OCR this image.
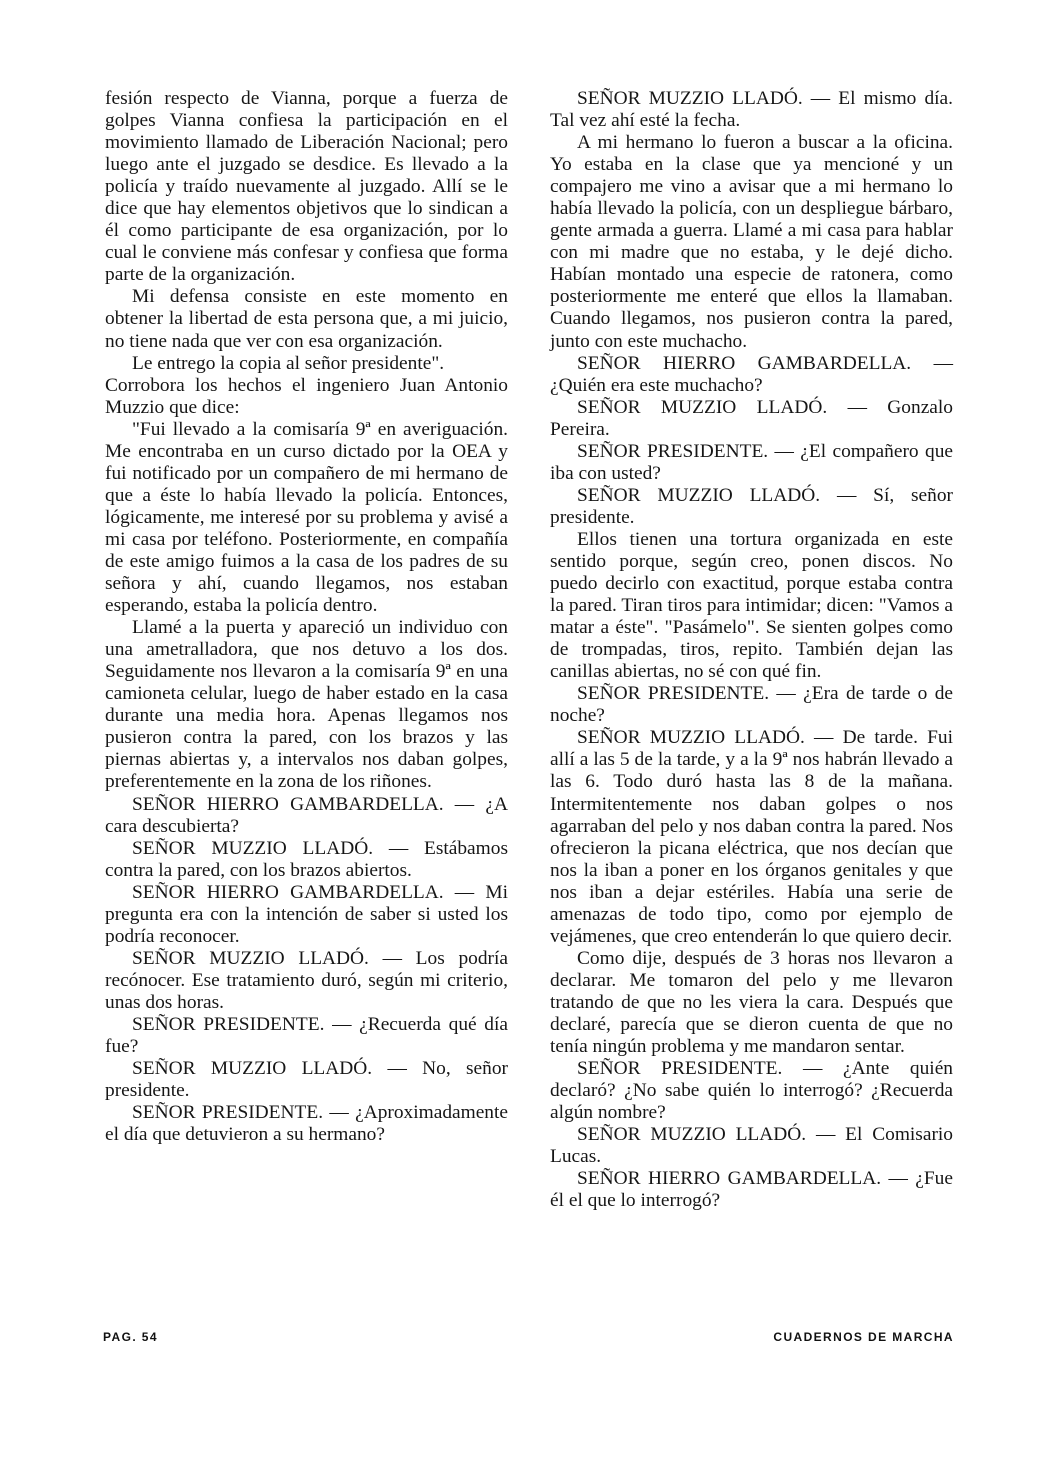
fesión respecto de Vianna, porque a fuerza de golpes Vianna confiesa la participación en el movimiento llamado de Liberación Nacional; pero luego ante el juzgado se desdice. Es llevado a la policía y traído nuevamente al juzgado. Allí se le dice que hay elementos objetivos que lo sindican a él como participante de esa organización, por lo cual le conviene más confesar y confiesa que forma parte de la organización.

Mi defensa consiste en este momento en obtener la libertad de esta persona que, a mi juicio, no tiene nada que ver con esa organización.

Le entrego la copia al señor presidente".

Corrobora los hechos el ingeniero Juan Antonio Muzzio que dice:

"Fui llevado a la comisaría 9ª en averiguación. Me encontraba en un curso dictado por la OEA y fui notificado por un compañero de mi hermano de que a éste lo había llevado la policía. Entonces, lógicamente, me interesé por su problema y avisé a mi casa por teléfono. Posteriormente, en compañía de este amigo fuimos a la casa de los padres de su señora y ahí, cuando llegamos, nos estaban esperando, estaba la policía dentro.

Llamé a la puerta y apareció un individuo con una ametralladora, que nos detuvo a los dos. Seguidamente nos llevaron a la comisaría 9ª en una camioneta celular, luego de haber estado en la casa durante una media hora. Apenas llegamos nos pusieron contra la pared, con los brazos y las piernas abiertas y, a intervalos nos daban golpes, preferentemente en la zona de los riñones.

SEÑOR HIERRO GAMBARDELLA. — ¿A cara descubierta?

SEÑOR MUZZIO LLADÓ. — Estábamos contra la pared, con los brazos abiertos.

SEÑOR HIERRO GAMBARDELLA. — Mi pregunta era con la intención de saber si usted los podría reconocer.

SEÑOR MUZZIO LLADÓ. — Los podría recónocer. Ese tratamiento duró, según mi criterio, unas dos horas.

SEÑOR PRESIDENTE. — ¿Recuerda qué día fue?

SEÑOR MUZZIO LLADÓ. — No, señor presidente.

SEÑOR PRESIDENTE. — ¿Aproximadamente el día que detuvieron a su hermano?

SEÑOR MUZZIO LLADÓ. — El mismo día. Tal vez ahí esté la fecha.

A mi hermano lo fueron a buscar a la oficina. Yo estaba en la clase que ya mencioné y un compajero me vino a avisar que a mi hermano lo había llevado la policía, con un despliegue bárbaro, gente armada a guerra. Llamé a mi casa para hablar con mi madre que no estaba, y le dejé dicho. Habían montado una especie de ratonera, como posteriormente me enteré que ellos la llamaban. Cuando llegamos, nos pusieron contra la pared, junto con este muchacho.

SEÑOR HIERRO GAMBARDELLA. — ¿Quién era este muchacho?

SEÑOR MUZZIO LLADÓ. — Gonzalo Pereira.

SEÑOR PRESIDENTE. — ¿El compañero que iba con usted?

SEÑOR MUZZIO LLADÓ. — Sí, señor presidente.

Ellos tienen una tortura organizada en este sentido porque, según creo, ponen discos. No puedo decirlo con exactitud, porque estaba contra la pared. Tiran tiros para intimidar; dicen: "Vamos a matar a éste". "Pasámelo". Se sienten golpes como de trompadas, tiros, repito. También dejan las canillas abiertas, no sé con qué fin.

SEÑOR PRESIDENTE. — ¿Era de tarde o de noche?

SEÑOR MUZZIO LLADÓ. — De tarde. Fui allí a las 5 de la tarde, y a la 9ª nos habrán llevado a las 6. Todo duró hasta las 8 de la mañana. Intermitentemente nos daban golpes o nos agarraban del pelo y nos daban contra la pared. Nos ofrecieron la picana eléctrica, que nos decían que nos la iban a poner en los órganos genitales y que nos iban a dejar estériles. Había una serie de amenazas de todo tipo, como por ejemplo de vejámenes, que creo entenderán lo que quiero decir.

Como dije, después de 3 horas nos llevaron a declarar. Me tomaron del pelo y me llevaron tratando de que no les viera la cara. Después que declaré, parecía que se dieron cuenta de que no tenía ningún problema y me mandaron sentar.

SEÑOR PRESIDENTE. — ¿Ante quién declaró? ¿No sabe quién lo interrogó? ¿Recuerda algún nombre?

SEÑOR MUZZIO LLADÓ. — El Comisario Lucas.

SEÑOR HIERRO GAMBARDELLA. — ¿Fue él el que lo interrogó?

PAG. 54	CUADERNOS DE MARCHA
